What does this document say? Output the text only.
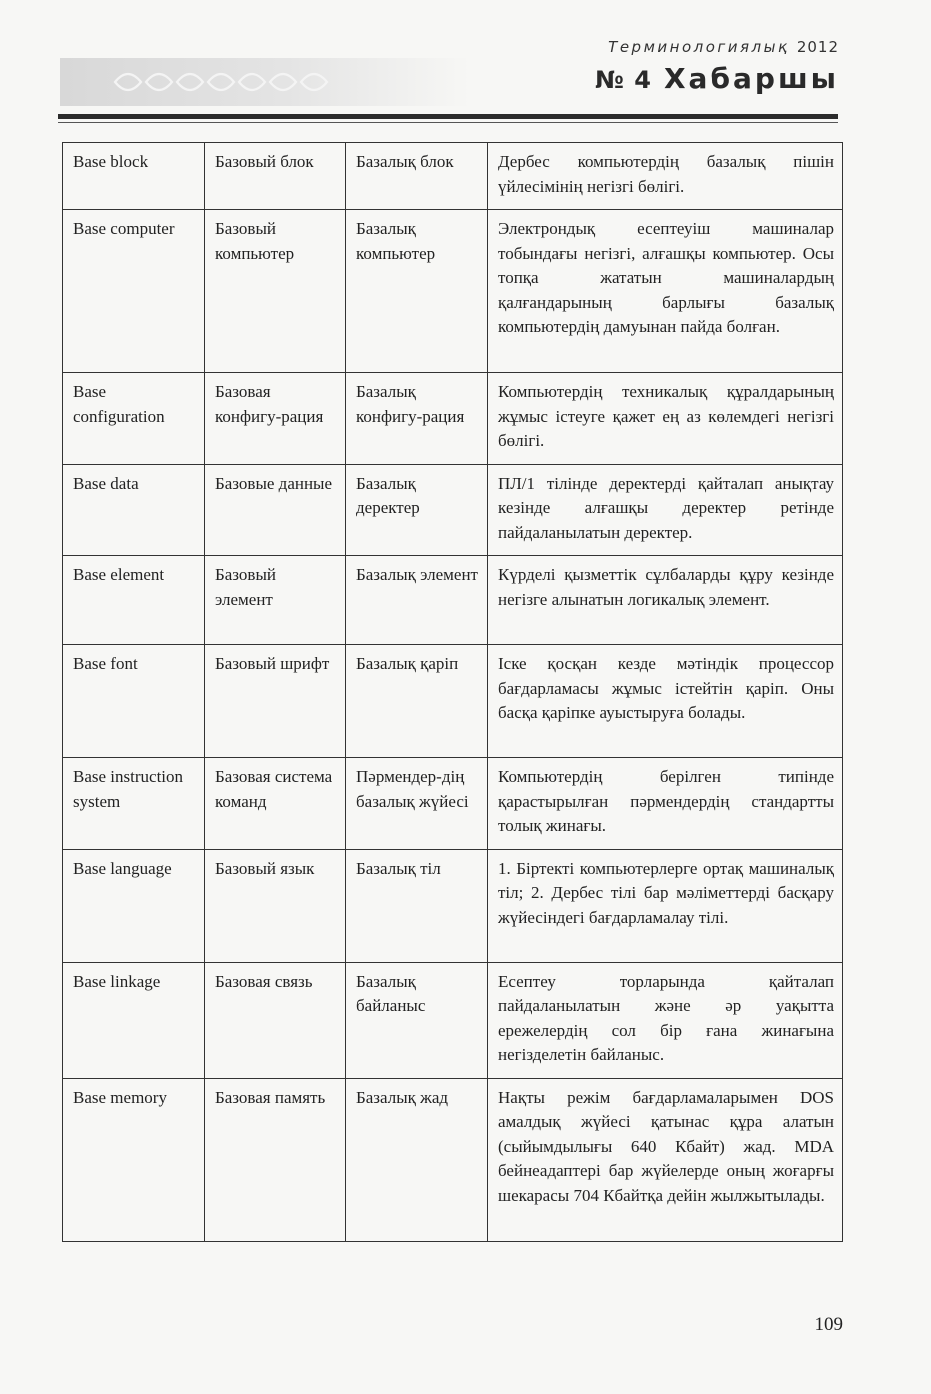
Терминологиялық 2012
№ 4 Хабаршы
Base block	Базовый блок	Базалық блок	Дербес компьютердің базалық пішін үйлесімінің негізгі бөлігі.
Base computer	Базовый компьютер	Базалық компьютер	Электрондық есептеуіш машиналар тобындағы негізгі, алғашқы компьютер. Осы топқа жататын машиналардың қалғандарының барлығы базалық компьютердің дамуынан пайда болған.
Base configuration	Базовая конфигу-рация	Базалық конфигу-рация	Компьютердің техникалық құралдарының жұмыс істеуге қажет ең аз көлемдегі негізгі бөлігі.
Base data	Базовые данные	Базалық деректер	ПЛ/1 тілінде деректерді қайталап анықтау кезінде алғашқы деректер ретінде пайдаланылатын деректер.
Base element	Базовый элемент	Базалық элемент	Күрделі қызметтік сұлбаларды құру кезінде негізге алынатын логикалық элемент.
Base font	Базовый шрифт	Базалық қаріп	Іске қосқан кезде мәтіндік процессор бағдарламасы жұмыс істейтін қаріп. Оны басқа қаріпке ауыстыруға болады.
Base instruction system	Базовая система команд	Пәрмендер-дің базалық жүйесі	Компьютердің берілген типінде қарастырылған пәрмендердің стандартты толық жинағы.
Base language	Базовый язык	Базалық тіл	1. Біртекті компьютерлерге ортақ машиналық тіл; 2. Дербес тілі бар мәліметтерді басқару жүйесіндегі бағдарламалау тілі.
Base linkage	Базовая связь	Базалық байланыс	Есептеу торларында қайталап пайдаланылатын және әр уақытта ережелердің сол бір ғана жинағына негізделетін байланыс.
Base memory	Базовая память	Базалық жад	Нақты режім бағдарламаларымен DOS амалдық жүйесі қатынас құра алатын (сыйымдылығы 640 Кбайт) жад. MDA бейнеадаптері бар жүйелерде оның жоғарғы шекарасы 704 Кбайтқа дейін жылжытылады.
109
